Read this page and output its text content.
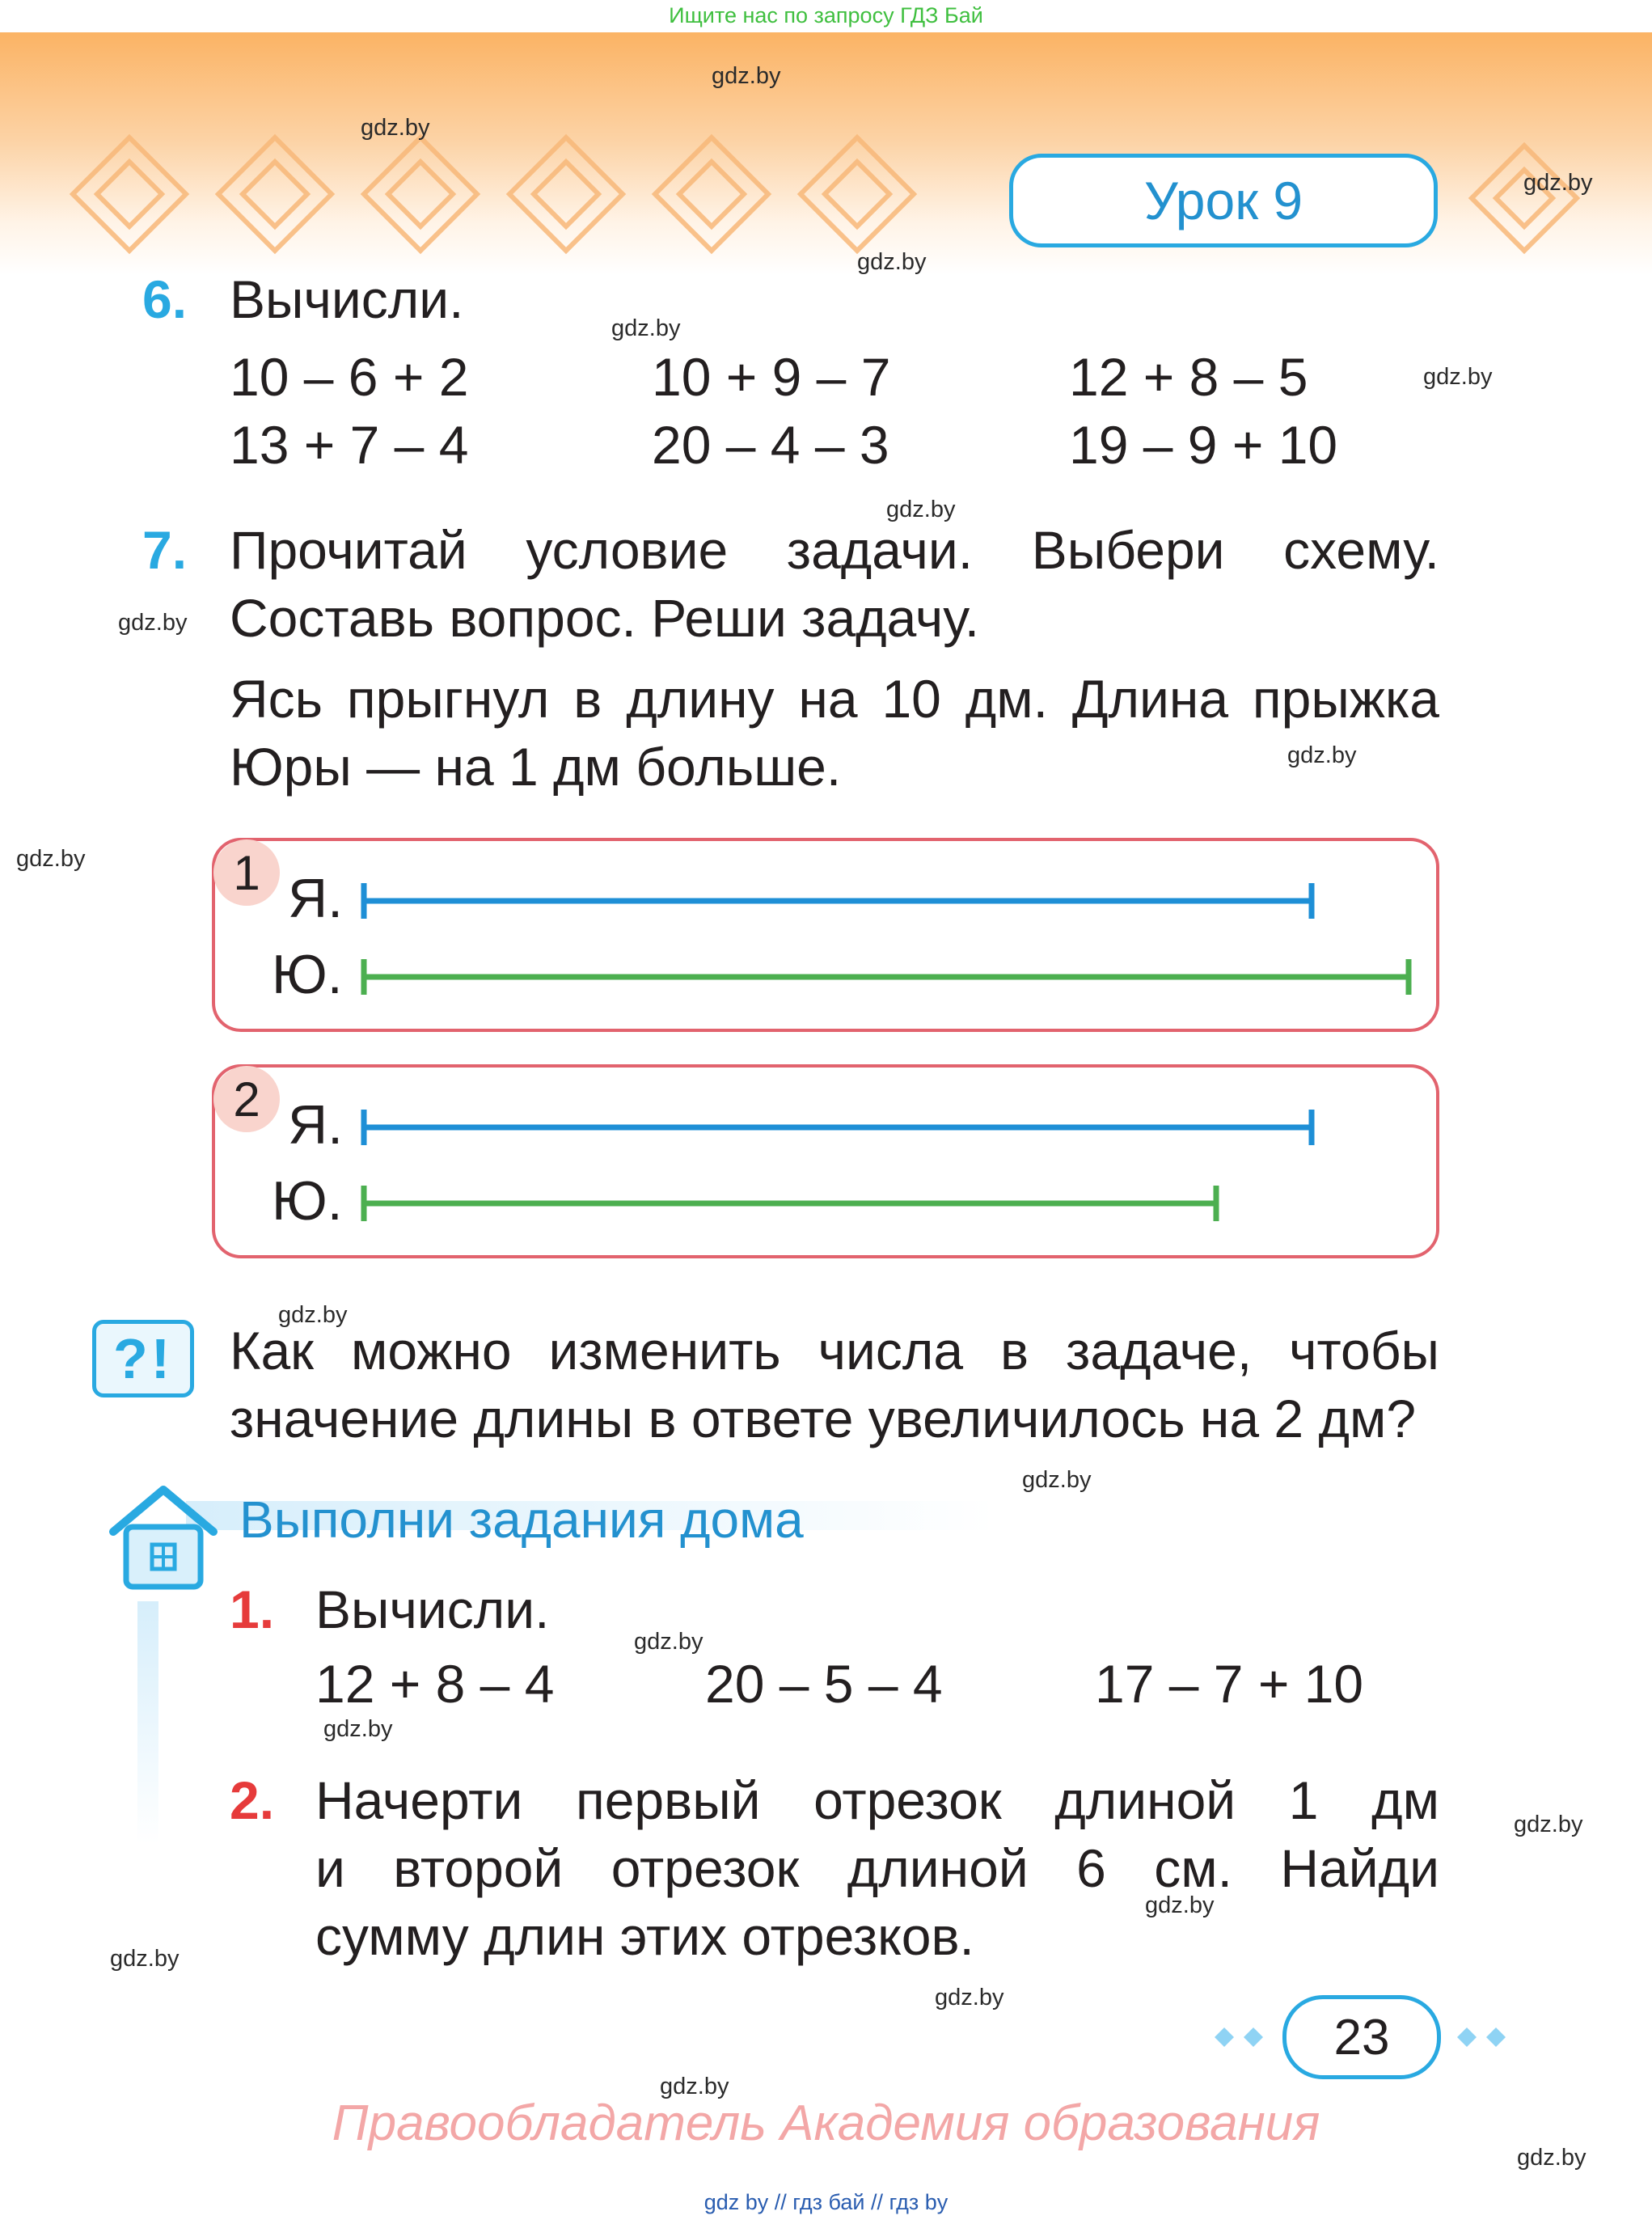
Ищите нас по запросу ГДЗ Бай
Урок 9
gdz.by
gdz.by
gdz.by
gdz.by
gdz.by
gdz.by
gdz.by
gdz.by
gdz.by
gdz.by
gdz.by
gdz.by
gdz.by
gdz.by
gdz.by
gdz.by
gdz.by
gdz.by
gdz.by
gdz.by
6. Вычисли.
10 – 6 + 2	10 + 9 – 7	12 + 8 – 5
13 + 7 – 4	20 – 4 – 3	19 – 9 + 10
7. Прочитай условие задачи. Выбери схему.
Составь вопрос. Реши задачу.
Ясь прыгнул в длину на 10 дм. Длина прыжка
Юры — на 1 дм больше.
1 Я.
Ю.
2 Я.
Ю.
?!	Как можно изменить числа в задаче, чтобы
значение длины в ответе увеличилось на 2 дм?
Выполни задания дома
1. Вычисли.
12 + 8 – 4	20 – 5 – 4	17 – 7 + 10
2. Начерти первый отрезок длиной 1 дм
и второй отрезок длиной 6 см. Найди
сумму длин этих отрезков.
23
Правообладатель Академия образования
gdz by // гдз бай // гдз by
